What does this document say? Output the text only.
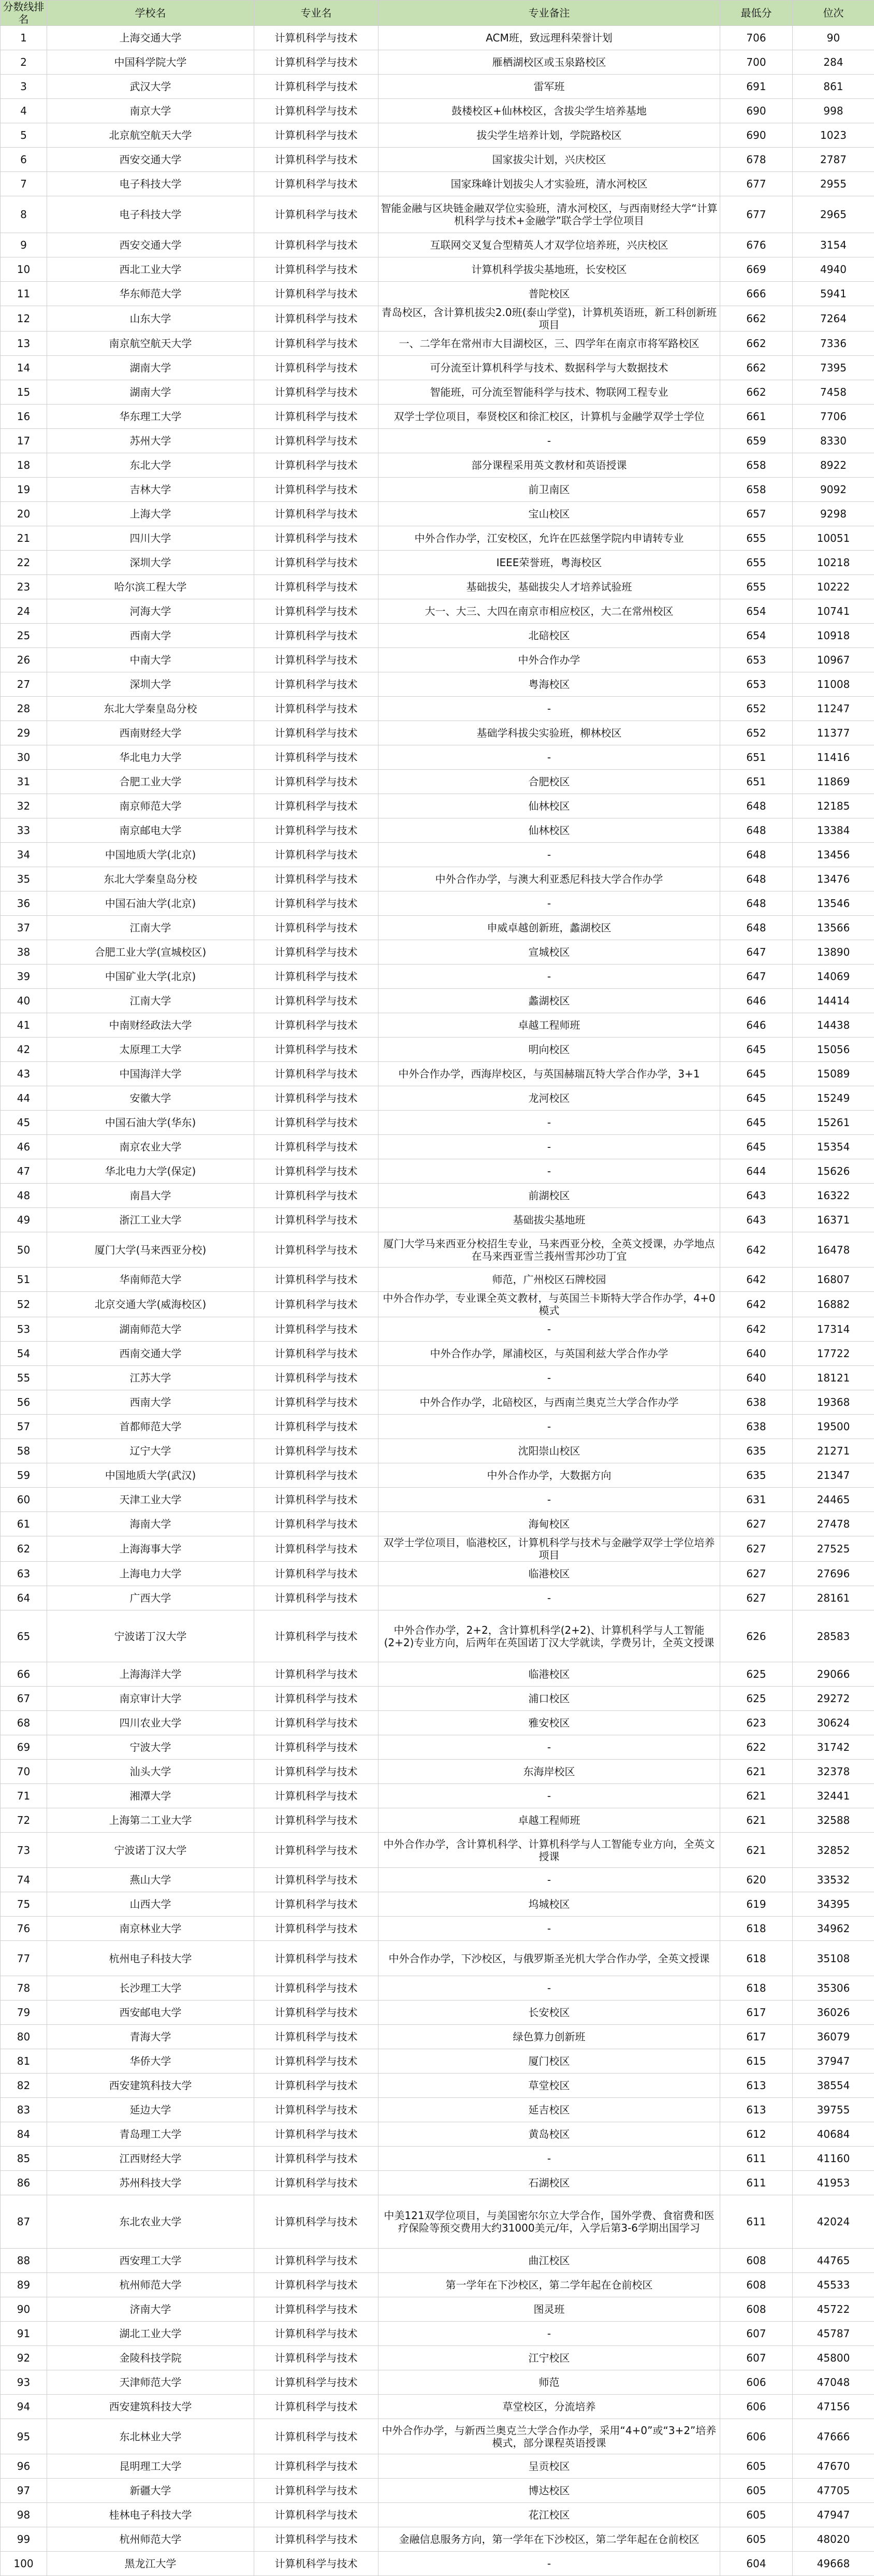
分数线排名	学校名	专业名	专业备注	最低分	位次
1	上海交通大学	计算机科学与技术	ACM班，致远理科荣誉计划	706	90
2	中国科学院大学	计算机科学与技术	雁栖湖校区或玉泉路校区	700	284
3	武汉大学	计算机科学与技术	雷军班	691	861
4	南京大学	计算机科学与技术	鼓楼校区+仙林校区，含拔尖学生培养基地	690	998
5	北京航空航天大学	计算机科学与技术	拔尖学生培养计划，学院路校区	690	1023
6	西安交通大学	计算机科学与技术	国家拔尖计划，兴庆校区	678	2787
7	电子科技大学	计算机科学与技术	国家珠峰计划拔尖人才实验班，清水河校区	677	2955
8	电子科技大学	计算机科学与技术	智能金融与区块链金融双学位实验班，清水河校区，与西南财经大学“计算机科学与技术+金融学”联合学士学位项目	677	2965
9	西安交通大学	计算机科学与技术	互联网交叉复合型精英人才双学位培养班，兴庆校区	676	3154
10	西北工业大学	计算机科学与技术	计算机科学拔尖基地班，长安校区	669	4940
11	华东师范大学	计算机科学与技术	普陀校区	666	5941
12	山东大学	计算机科学与技术	青岛校区，含计算机拔尖2.0班(泰山学堂)，计算机英语班，新工科创新班项目	662	7264
13	南京航空航天大学	计算机科学与技术	一、二学年在常州市大目湖校区，三、四学年在南京市将军路校区	662	7336
14	湖南大学	计算机科学与技术	可分流至计算机科学与技术、数据科学与大数据技术	662	7395
15	湖南大学	计算机科学与技术	智能班，可分流至智能科学与技术、物联网工程专业	662	7458
16	华东理工大学	计算机科学与技术	双学士学位项目，奉贤校区和徐汇校区，计算机与金融学双学士学位	661	7706
17	苏州大学	计算机科学与技术	-	659	8330
18	东北大学	计算机科学与技术	部分课程采用英文教材和英语授课	658	8922
19	吉林大学	计算机科学与技术	前卫南区	658	9092
20	上海大学	计算机科学与技术	宝山校区	657	9298
21	四川大学	计算机科学与技术	中外合作办学，江安校区，允许在匹兹堡学院内申请转专业	655	10051
22	深圳大学	计算机科学与技术	IEEE荣誉班，粤海校区	655	10218
23	哈尔滨工程大学	计算机科学与技术	基础拔尖，基础拔尖人才培养试验班	655	10222
24	河海大学	计算机科学与技术	大一、大三、大四在南京市相应校区，大二在常州校区	654	10741
25	西南大学	计算机科学与技术	北碚校区	654	10918
26	中南大学	计算机科学与技术	中外合作办学	653	10967
27	深圳大学	计算机科学与技术	粤海校区	653	11008
28	东北大学秦皇岛分校	计算机科学与技术	-	652	11247
29	西南财经大学	计算机科学与技术	基础学科拔尖实验班，柳林校区	652	11377
30	华北电力大学	计算机科学与技术	-	651	11416
31	合肥工业大学	计算机科学与技术	合肥校区	651	11869
32	南京师范大学	计算机科学与技术	仙林校区	648	12185
33	南京邮电大学	计算机科学与技术	仙林校区	648	13384
34	中国地质大学(北京)	计算机科学与技术	-	648	13456
35	东北大学秦皇岛分校	计算机科学与技术	中外合作办学，与澳大利亚悉尼科技大学合作办学	648	13476
36	中国石油大学(北京)	计算机科学与技术	-	648	13546
37	江南大学	计算机科学与技术	申威卓越创新班，蠡湖校区	648	13566
38	合肥工业大学(宣城校区)	计算机科学与技术	宣城校区	647	13890
39	中国矿业大学(北京)	计算机科学与技术	-	647	14069
40	江南大学	计算机科学与技术	蠡湖校区	646	14414
41	中南财经政法大学	计算机科学与技术	卓越工程师班	646	14438
42	太原理工大学	计算机科学与技术	明向校区	645	15056
43	中国海洋大学	计算机科学与技术	中外合作办学，西海岸校区，与英国赫瑞瓦特大学合作办学，3+1	645	15089
44	安徽大学	计算机科学与技术	龙河校区	645	15249
45	中国石油大学(华东)	计算机科学与技术	-	645	15261
46	南京农业大学	计算机科学与技术	-	645	15354
47	华北电力大学(保定)	计算机科学与技术	-	644	15626
48	南昌大学	计算机科学与技术	前湖校区	643	16322
49	浙江工业大学	计算机科学与技术	基础拔尖基地班	643	16371
50	厦门大学(马来西亚分校)	计算机科学与技术	厦门大学马来西亚分校招生专业，马来西亚分校，全英文授课，办学地点在马来西亚雪兰莪州雪邦沙功丁宜	642	16478
51	华南师范大学	计算机科学与技术	师范，广州校区石牌校园	642	16807
52	北京交通大学(威海校区)	计算机科学与技术	中外合作办学，专业课全英文教材，与英国兰卡斯特大学合作办学，4+0模式	642	16882
53	湖南师范大学	计算机科学与技术	-	642	17314
54	西南交通大学	计算机科学与技术	中外合作办学，犀浦校区，与英国利兹大学合作办学	640	17722
55	江苏大学	计算机科学与技术	-	640	18121
56	西南大学	计算机科学与技术	中外合作办学，北碚校区，与西南兰奥克兰大学合作办学	638	19368
57	首都师范大学	计算机科学与技术	-	638	19500
58	辽宁大学	计算机科学与技术	沈阳崇山校区	635	21271
59	中国地质大学(武汉)	计算机科学与技术	中外合作办学，大数据方向	635	21347
60	天津工业大学	计算机科学与技术	-	631	24465
61	海南大学	计算机科学与技术	海甸校区	627	27478
62	上海海事大学	计算机科学与技术	双学士学位项目，临港校区，计算机科学与技术与金融学双学士学位培养项目	627	27525
63	上海电力大学	计算机科学与技术	临港校区	627	27696
64	广西大学	计算机科学与技术	-	627	28161
65	宁波诺丁汉大学	计算机科学与技术	中外合作办学，2+2，含计算机科学(2+2)、计算机科学与人工智能(2+2)专业方向，后两年在英国诺丁汉大学就读，学费另计，全英文授课	626	28583
66	上海海洋大学	计算机科学与技术	临港校区	625	29066
67	南京审计大学	计算机科学与技术	浦口校区	625	29272
68	四川农业大学	计算机科学与技术	雅安校区	623	30624
69	宁波大学	计算机科学与技术	-	622	31742
70	汕头大学	计算机科学与技术	东海岸校区	621	32378
71	湘潭大学	计算机科学与技术	-	621	32441
72	上海第二工业大学	计算机科学与技术	卓越工程师班	621	32588
73	宁波诺丁汉大学	计算机科学与技术	中外合作办学，含计算机科学、计算机科学与人工智能专业方向，全英文授课	621	32852
74	燕山大学	计算机科学与技术	-	620	33532
75	山西大学	计算机科学与技术	坞城校区	619	34395
76	南京林业大学	计算机科学与技术	-	618	34962
77	杭州电子科技大学	计算机科学与技术	中外合作办学，下沙校区，与俄罗斯圣光机大学合作办学，全英文授课	618	35108
78	长沙理工大学	计算机科学与技术	-	618	35306
79	西安邮电大学	计算机科学与技术	长安校区	617	36026
80	青海大学	计算机科学与技术	绿色算力创新班	617	36079
81	华侨大学	计算机科学与技术	厦门校区	615	37947
82	西安建筑科技大学	计算机科学与技术	草堂校区	613	38554
83	延边大学	计算机科学与技术	延吉校区	613	39755
84	青岛理工大学	计算机科学与技术	黄岛校区	612	40684
85	江西财经大学	计算机科学与技术	-	611	41160
86	苏州科技大学	计算机科学与技术	石湖校区	611	41953
87	东北农业大学	计算机科学与技术	中美121双学位项目，与美国密尔尔立大学合作，国外学费、食宿费和医疗保险等预交费用大约31000美元/年，入学后第3-6学期出国学习	611	42024
88	西安理工大学	计算机科学与技术	曲江校区	608	44765
89	杭州师范大学	计算机科学与技术	第一学年在下沙校区，第二学年起在仓前校区	608	45533
90	济南大学	计算机科学与技术	图灵班	608	45722
91	湖北工业大学	计算机科学与技术	-	607	45787
92	金陵科技学院	计算机科学与技术	江宁校区	607	45800
93	天津师范大学	计算机科学与技术	师范	606	47048
94	西安建筑科技大学	计算机科学与技术	草堂校区，分流培养	606	47156
95	东北林业大学	计算机科学与技术	中外合作办学，与新西兰奥克兰大学合作办学，采用“4+0”或“3+2”培养模式，部分课程英语授课	606	47666
96	昆明理工大学	计算机科学与技术	呈贡校区	605	47670
97	新疆大学	计算机科学与技术	博达校区	605	47705
98	桂林电子科技大学	计算机科学与技术	花江校区	605	47947
99	杭州师范大学	计算机科学与技术	金融信息服务方向，第一学年在下沙校区，第二学年起在仓前校区	605	48020
100	黑龙江大学	计算机科学与技术	-	604	49668
